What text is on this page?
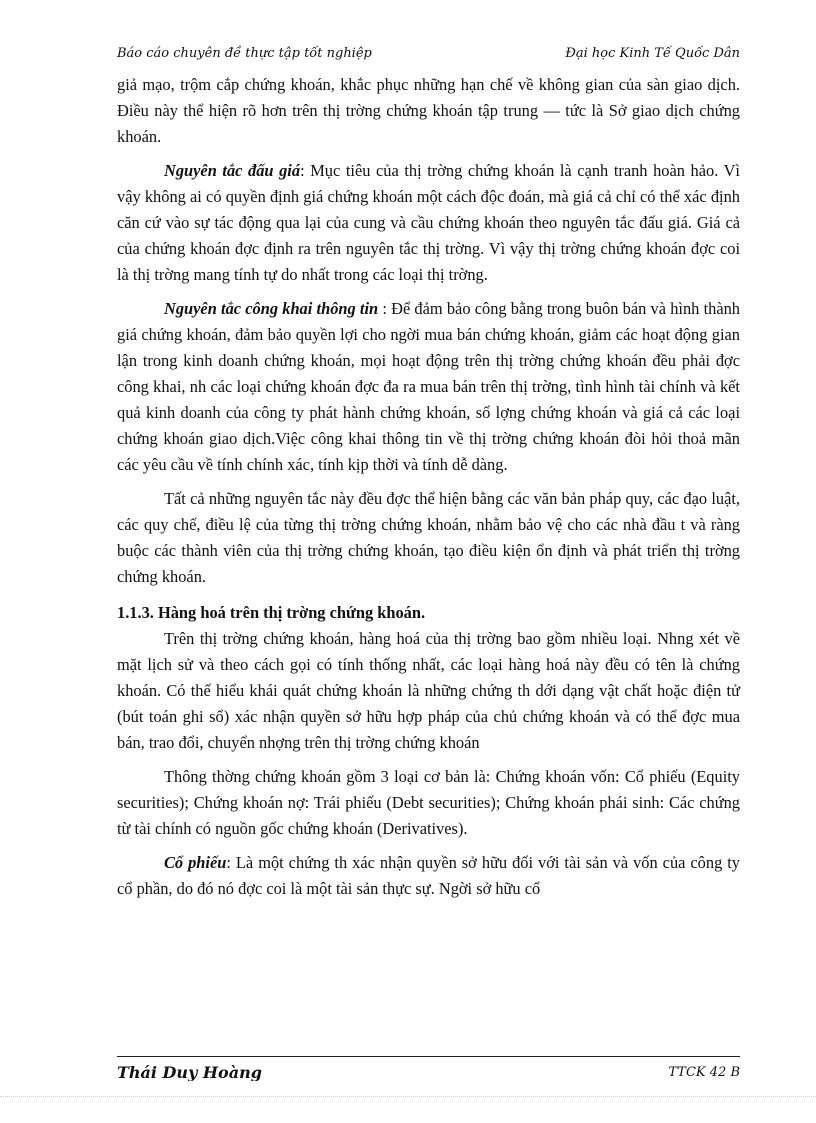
Báo cáo chuyên đề thực tập tốt nghiệp	Đại học Kinh Tế Quốc Dân

giả mạo, trộm cắp chứng khoán, khắc phục những hạn chế về không gian của sàn giao dịch. Điều này thể hiện rõ hơn trên thị trờng chứng khoán tập trung — tức là Sở giao dịch chứng khoán.

Nguyên tắc đấu giá: Mục tiêu của thị trờng chứng khoán là cạnh tranh hoàn hảo. Vì vậy không ai có quyền định giá chứng khoán một cách độc đoán, mà giá cả chỉ có thể xác định căn cứ vào sự tác động qua lại của cung và cầu chứng khoán theo nguyên tắc đấu giá. Giá cả của chứng khoán đợc định ra trên nguyên tắc thị trờng. Vì vậy thị trờng chứng khoán đợc coi là thị trờng mang tính tự do nhất trong các loại thị trờng.

Nguyên tắc công khai thông tin : Để đảm bảo công bằng trong buôn bán và hình thành giá chứng khoán, đảm bảo quyền lợi cho ngời mua bán chứng khoán, giảm các hoạt động gian lận trong kinh doanh chứng khoán, mọi hoạt động trên thị trờng chứng khoán đều phải đợc công khai, nh các loại chứng khoán đợc đa ra mua bán trên thị trờng, tình hình tài chính và kết quả kinh doanh của công ty phát hành chứng khoán, số lợng chứng khoán và giá cả các loại chứng khoán giao dịch.Việc công khai thông tin về thị trờng chứng khoán đòi hỏi thoả mãn các yêu cầu về tính chính xác, tính kịp thời và tính dễ dàng.

Tất cả những nguyên tắc này đều đợc thể hiện bằng các văn bản pháp quy, các đạo luật, các quy chế, điều lệ của từng thị trờng chứng khoán, nhằm bảo vệ cho các nhà đầu t và ràng buộc các thành viên của thị trờng chứng khoán, tạo điều kiện ổn định và phát triển thị trờng chứng khoán.

1.1.3. Hàng hoá trên thị trờng chứng khoán.

Trên thị trờng chứng khoán, hàng hoá của thị trờng bao gồm nhiều loại. Nhng xét về mặt lịch sử và theo cách gọi có tính thống nhất, các loại hàng hoá này đều có tên là chứng khoán. Có thể hiểu khái quát chứng khoán là những chứng th dới dạng vật chất hoặc điện tử (bút toán ghi sổ) xác nhận quyền sở hữu hợp pháp của chủ chứng khoán và có thể đợc mua bán, trao đổi, chuyển nhợng trên thị trờng chứng khoán

Thông thờng chứng khoán gồm 3 loại cơ bản là: Chứng khoán vốn: Cổ phiếu (Equity securities); Chứng khoán nợ: Trái phiếu (Debt securities); Chứng khoán phái sinh: Các chứng từ tài chính có nguồn gốc chứng khoán (Derivatives).

Cổ phiếu: Là một chứng th xác nhận quyền sở hữu đối với tài sản và vốn của công ty cổ phần, do đó nó đợc coi là một tài sản thực sự. Ngời sở hữu cổ

Thái Duy Hoàng	TTCK 42 B
